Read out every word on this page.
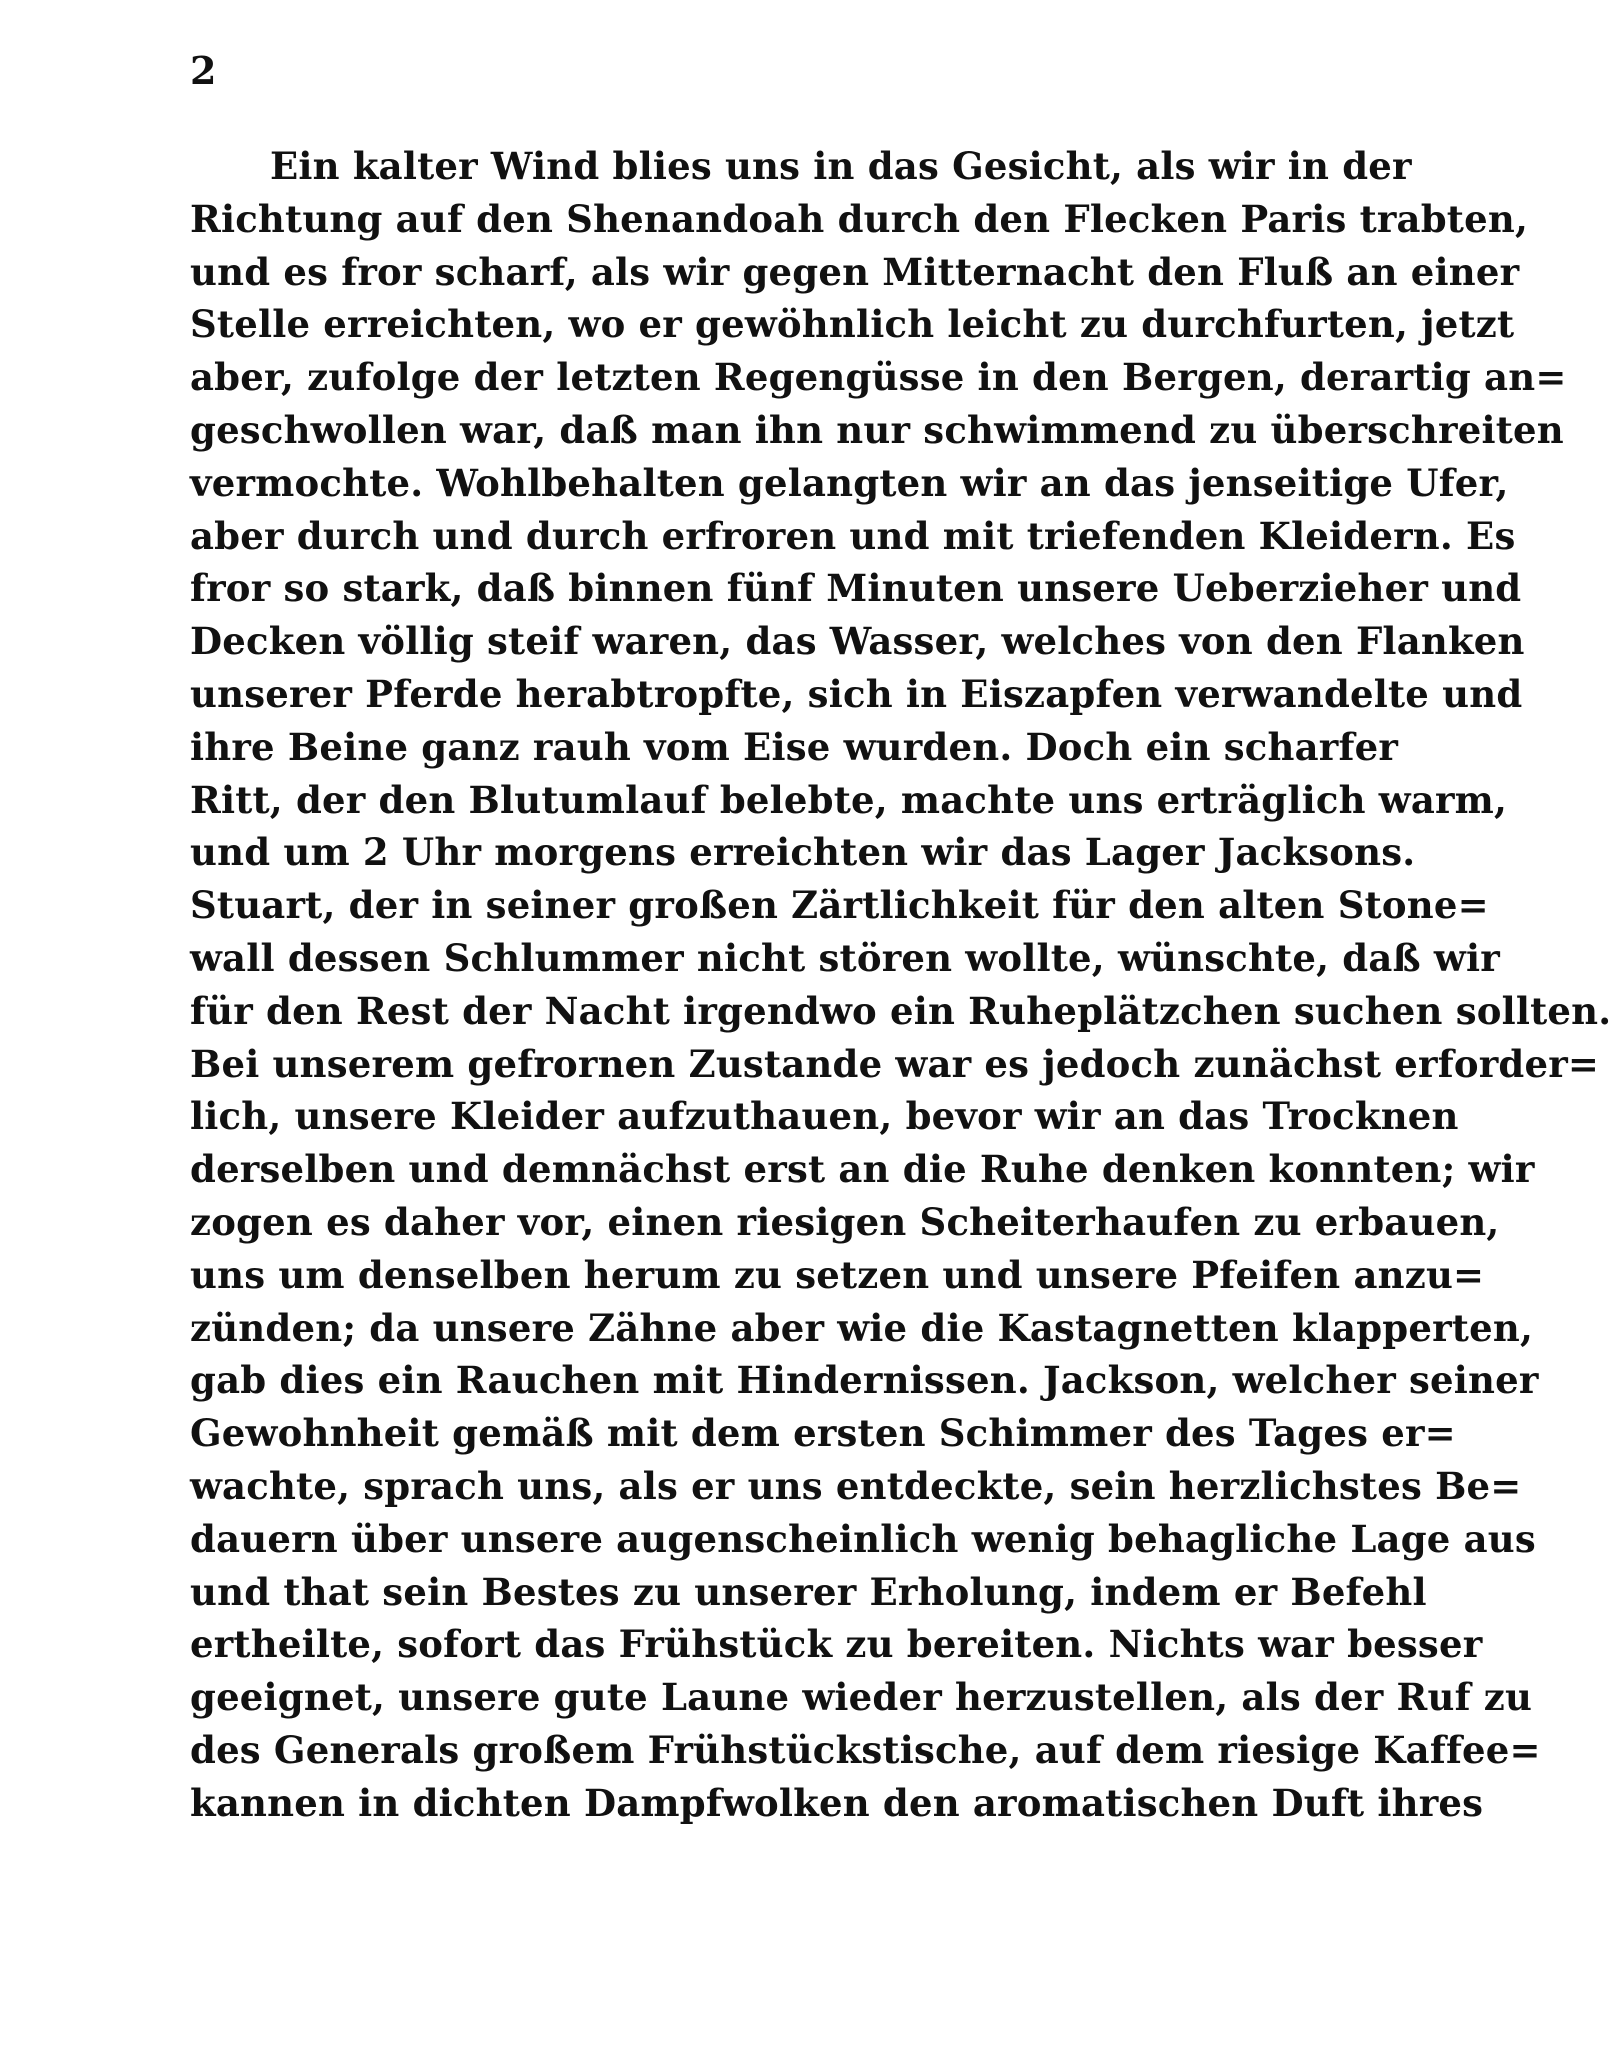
2
Ein kalter Wind blies uns in das Gesicht, als wir in der
Richtung auf den Shenandoah durch den Flecken Paris trabten,
und es fror scharf, als wir gegen Mitternacht den Fluß an einer
Stelle erreichten, wo er gewöhnlich leicht zu durchfurten, jetzt
aber, zufolge der letzten Regengüsse in den Bergen, derartig an=
geschwollen war, daß man ihn nur schwimmend zu überschreiten
vermochte. Wohlbehalten gelangten wir an das jenseitige Ufer,
aber durch und durch erfroren und mit triefenden Kleidern. Es
fror so stark, daß binnen fünf Minuten unsere Ueberzieher und
Decken völlig steif waren, das Wasser, welches von den Flanken
unserer Pferde herabtropfte, sich in Eiszapfen verwandelte und
ihre Beine ganz rauh vom Eise wurden. Doch ein scharfer
Ritt, der den Blutumlauf belebte, machte uns erträglich warm,
und um 2 Uhr morgens erreichten wir das Lager Jacksons.
Stuart, der in seiner großen Zärtlichkeit für den alten Stone=
wall dessen Schlummer nicht stören wollte, wünschte, daß wir
für den Rest der Nacht irgendwo ein Ruheplätzchen suchen sollten.
Bei unserem gefrornen Zustande war es jedoch zunächst erforder=
lich, unsere Kleider aufzuthauen, bevor wir an das Trocknen
derselben und demnächst erst an die Ruhe denken konnten; wir
zogen es daher vor, einen riesigen Scheiterhaufen zu erbauen,
uns um denselben herum zu setzen und unsere Pfeifen anzu=
zünden; da unsere Zähne aber wie die Kastagnetten klapperten,
gab dies ein Rauchen mit Hindernissen. Jackson, welcher seiner
Gewohnheit gemäß mit dem ersten Schimmer des Tages er=
wachte, sprach uns, als er uns entdeckte, sein herzlichstes Be=
dauern über unsere augenscheinlich wenig behagliche Lage aus
und that sein Bestes zu unserer Erholung, indem er Befehl
ertheilte, sofort das Frühstück zu bereiten. Nichts war besser
geeignet, unsere gute Laune wieder herzustellen, als der Ruf zu
des Generals großem Frühstückstische, auf dem riesige Kaffee=
kannen in dichten Dampfwolken den aromatischen Duft ihres
